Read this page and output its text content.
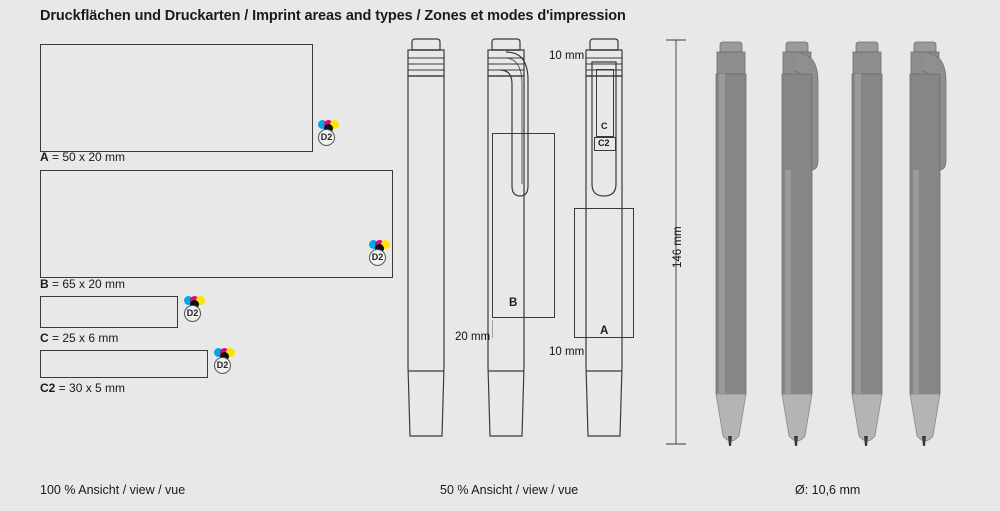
Druckflächen und Druckarten / Imprint areas and types / Zones et modes d'impression
D2
A = 50 x 20 mm
D2
B = 65 x 20 mm
D2
C = 25 x 6 mm
D2
C2 = 30 x 5 mm
B
20 mm
C
C2
A
10 mm
10 mm
146 mm
100 % Ansicht / view / vue	50 % Ansicht / view / vue	Ø: 10,6 mm
